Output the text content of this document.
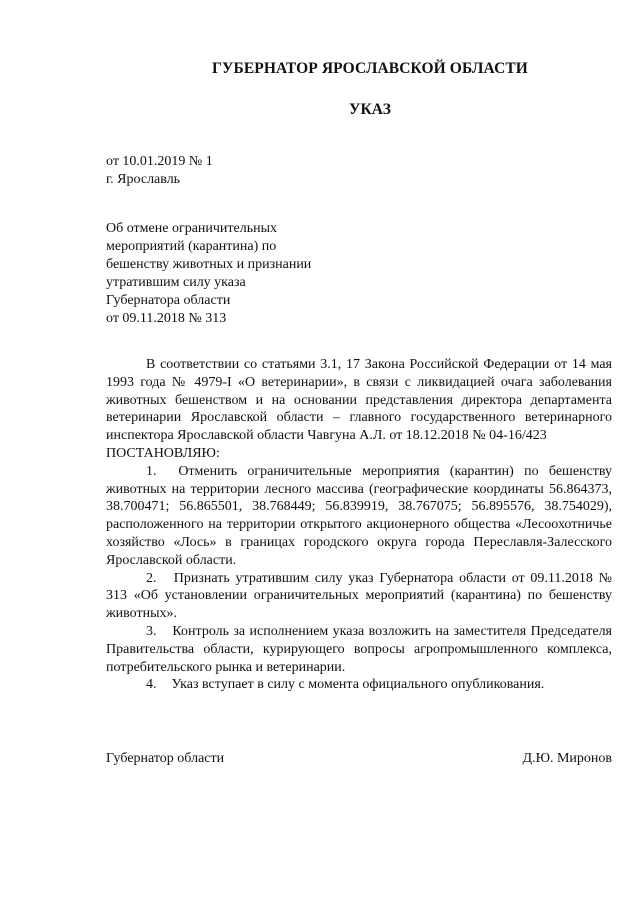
ГУБЕРНАТОР ЯРОСЛАВСКОЙ ОБЛАСТИ
УКАЗ
от 10.01.2019 № 1
г. Ярославль
Об отмене ограничительных
мероприятий (карантина) по
бешенству животных и признании
утратившим силу указа
Губернатора области
от 09.11.2018 № 313

В соответствии со статьями 3.1, 17 Закона Российской Федерации от 14 мая 1993 года № 4979-I «О ветеринарии», в связи с ликвидацией очага заболевания животных бешенством и на основании представления директора департамента ветеринарии Ярославской области – главного государственного ветеринарного инспектора Ярославской области Чавгуна А.Л. от 18.12.2018 № 04-16/423

ПОСТАНОВЛЯЮ:

1. Отменить ограничительные мероприятия (карантин) по бешенству животных на территории лесного массива (географические координаты 56.864373, 38.700471; 56.865501, 38.768449; 56.839919, 38.767075; 56.895576, 38.754029), расположенного на территории открытого акционерного общества «Лесоохотничье хозяйство «Лось» в границах городского округа города Переславля-Залесского Ярославской области.

2. Признать утратившим силу указ Губернатора области от 09.11.2018 № 313 «Об установлении ограничительных мероприятий (карантина) по бешенству животных».

3. Контроль за исполнением указа возложить на заместителя Председателя Правительства области, курирующего вопросы агропромышленного комплекса, потребительского рынка и ветеринарии.

4. Указ вступает в силу с момента официального опубликования.

Губернатор области	Д.Ю. Миронов
